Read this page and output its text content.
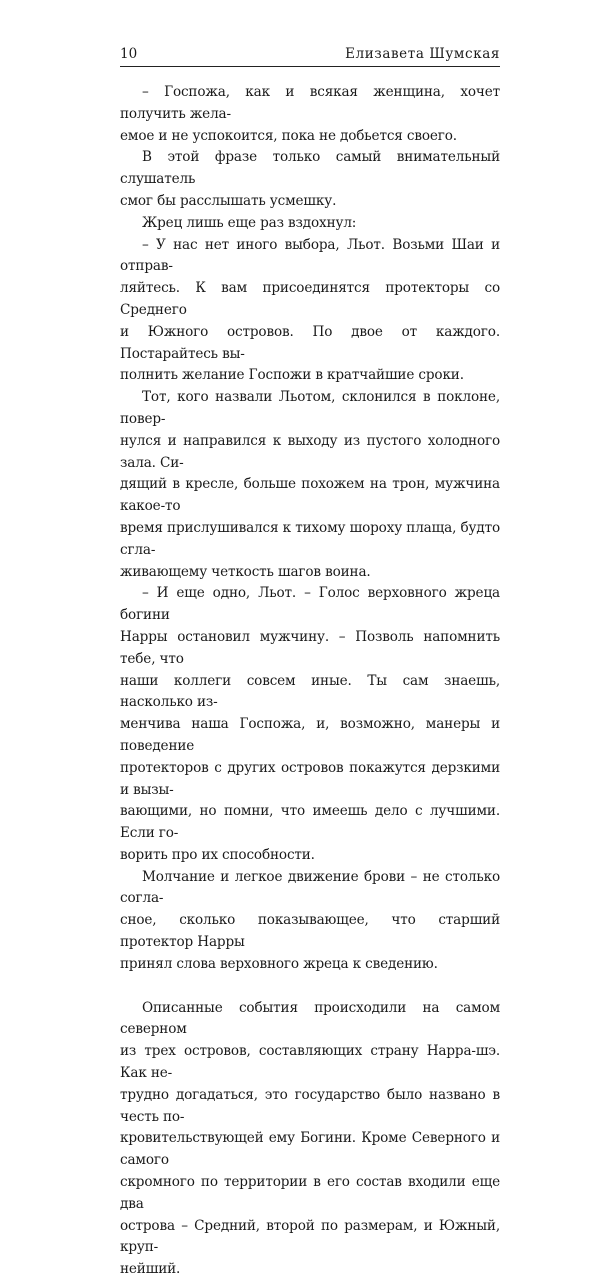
10	Елизавета Шумская

– Госпожа, как и всякая женщина, хочет получить жела-
емое и не успокоится, пока не добьется своего.

В этой фразе только самый внимательный слушатель
смог бы расслышать усмешку.

Жрец лишь еще раз вздохнул:

– У нас нет иного выбора, Льот. Возьми Шаи и отправ-
ляйтесь. К вам присоединятся протекторы со Среднего
и Южного островов. По двое от каждого. Постарайтесь вы-
полнить желание Госпожи в кратчайшие сроки.

Тот, кого назвали Льотом, склонился в поклоне, повер-
нулся и направился к выходу из пустого холодного зала. Си-
дящий в кресле, больше похожем на трон, мужчина какое-то
время прислушивался к тихому шороху плаща, будто сгла-
живающему четкость шагов воина.

– И еще одно, Льот. – Голос верховного жреца богини
Нарры остановил мужчину. – Позволь напомнить тебе, что
наши коллеги совсем иные. Ты сам знаешь, насколько из-
менчива наша Госпожа, и, возможно, манеры и поведение
протекторов с других островов покажутся дерзкими и вызы-
вающими, но помни, что имеешь дело с лучшими. Если го-
ворить про их способности.

Молчание и легкое движение брови – не столько согла-
сное, сколько показывающее, что старший протектор Нарры
принял слова верховного жреца к сведению.

Описанные события происходили на самом северном
из трех островов, составляющих страну Нарра-шэ. Как не-
трудно догадаться, это государство было названо в честь по-
кровительствующей ему Богини. Кроме Северного и самого
скромного по территории в его состав входили еще два
острова – Средний, второй по размерам, и Южный, круп-
нейший.
